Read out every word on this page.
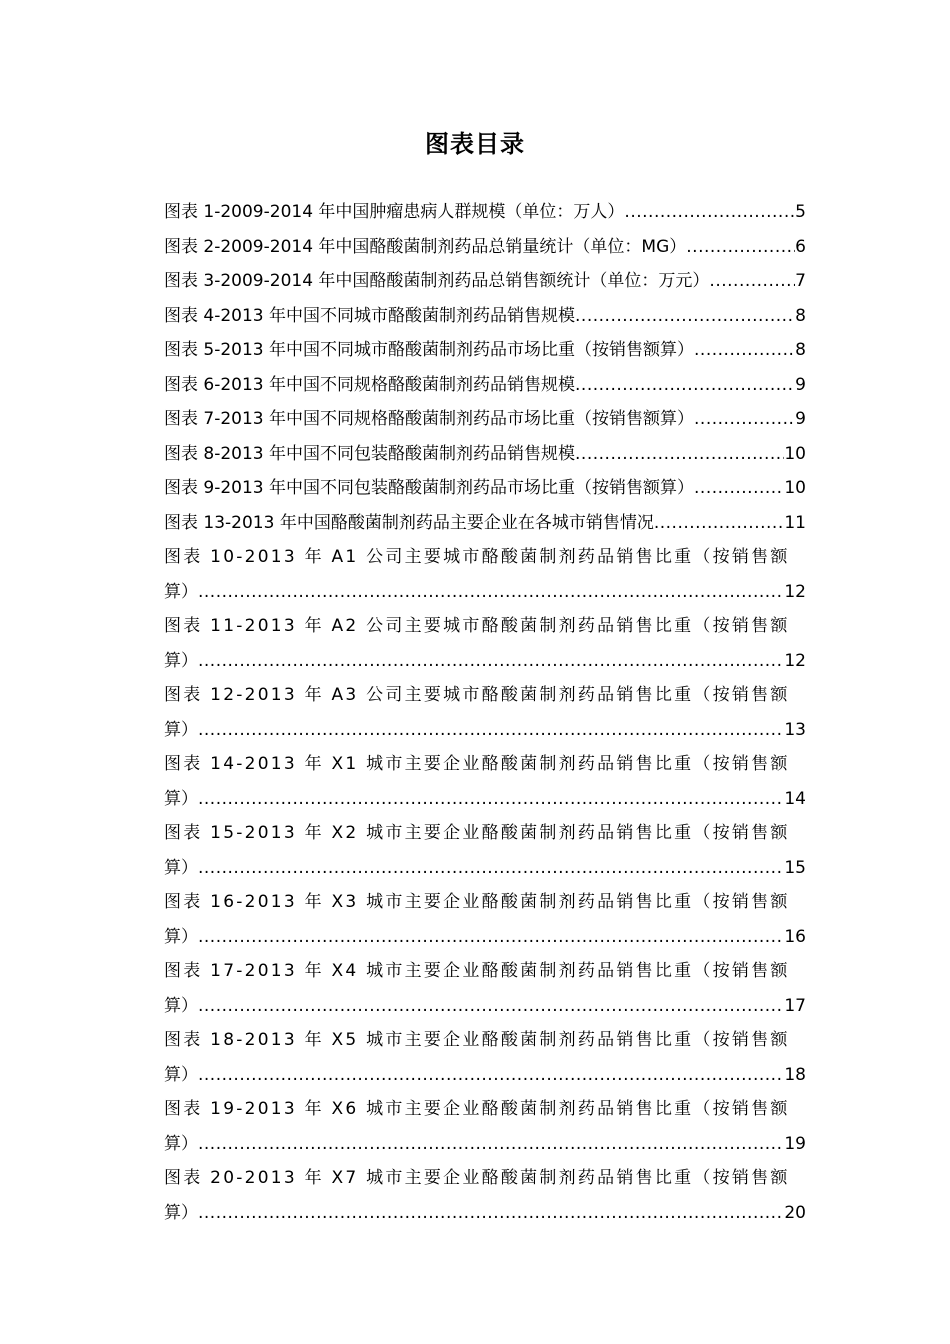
图表目录
图表 1-2009-2014 年中国肿瘤患病人群规模（单位：万人） .....	5
图表 2-2009-2014 年中国酪酸菌制剂药品总销量统计（单位：MG） .....	6
图表 3-2009-2014 年中国酪酸菌制剂药品总销售额统计（单位：万元） .....	7
图表 4-2013 年中国不同城市酪酸菌制剂药品销售规模 .....	8
图表 5-2013 年中国不同城市酪酸菌制剂药品市场比重（按销售额算） .....	8
图表 6-2013 年中国不同规格酪酸菌制剂药品销售规模 .....	9
图表 7-2013 年中国不同规格酪酸菌制剂药品市场比重（按销售额算） .....	9
图表 8-2013 年中国不同包装酪酸菌制剂药品销售规模 .....	10
图表 9-2013 年中国不同包装酪酸菌制剂药品市场比重（按销售额算） .....	10
图表 13-2013 年中国酪酸菌制剂药品主要企业在各城市销售情况 .....	11
图表 10-2013 年 A1 公司主要城市酪酸菌制剂药品销售比重（按销售额
算） .....	12
图表 11-2013 年 A2 公司主要城市酪酸菌制剂药品销售比重（按销售额
算） .....	12
图表 12-2013 年 A3 公司主要城市酪酸菌制剂药品销售比重（按销售额
算） .....	13
图表 14-2013 年 X1 城市主要企业酪酸菌制剂药品销售比重（按销售额
算） .....	14
图表 15-2013 年 X2 城市主要企业酪酸菌制剂药品销售比重（按销售额
算） .....	15
图表 16-2013 年 X3 城市主要企业酪酸菌制剂药品销售比重（按销售额
算） .....	16
图表 17-2013 年 X4 城市主要企业酪酸菌制剂药品销售比重（按销售额
算） .....	17
图表 18-2013 年 X5 城市主要企业酪酸菌制剂药品销售比重（按销售额
算） .....	18
图表 19-2013 年 X6 城市主要企业酪酸菌制剂药品销售比重（按销售额
算） .....	19
图表 20-2013 年 X7 城市主要企业酪酸菌制剂药品销售比重（按销售额
算） .....	20
